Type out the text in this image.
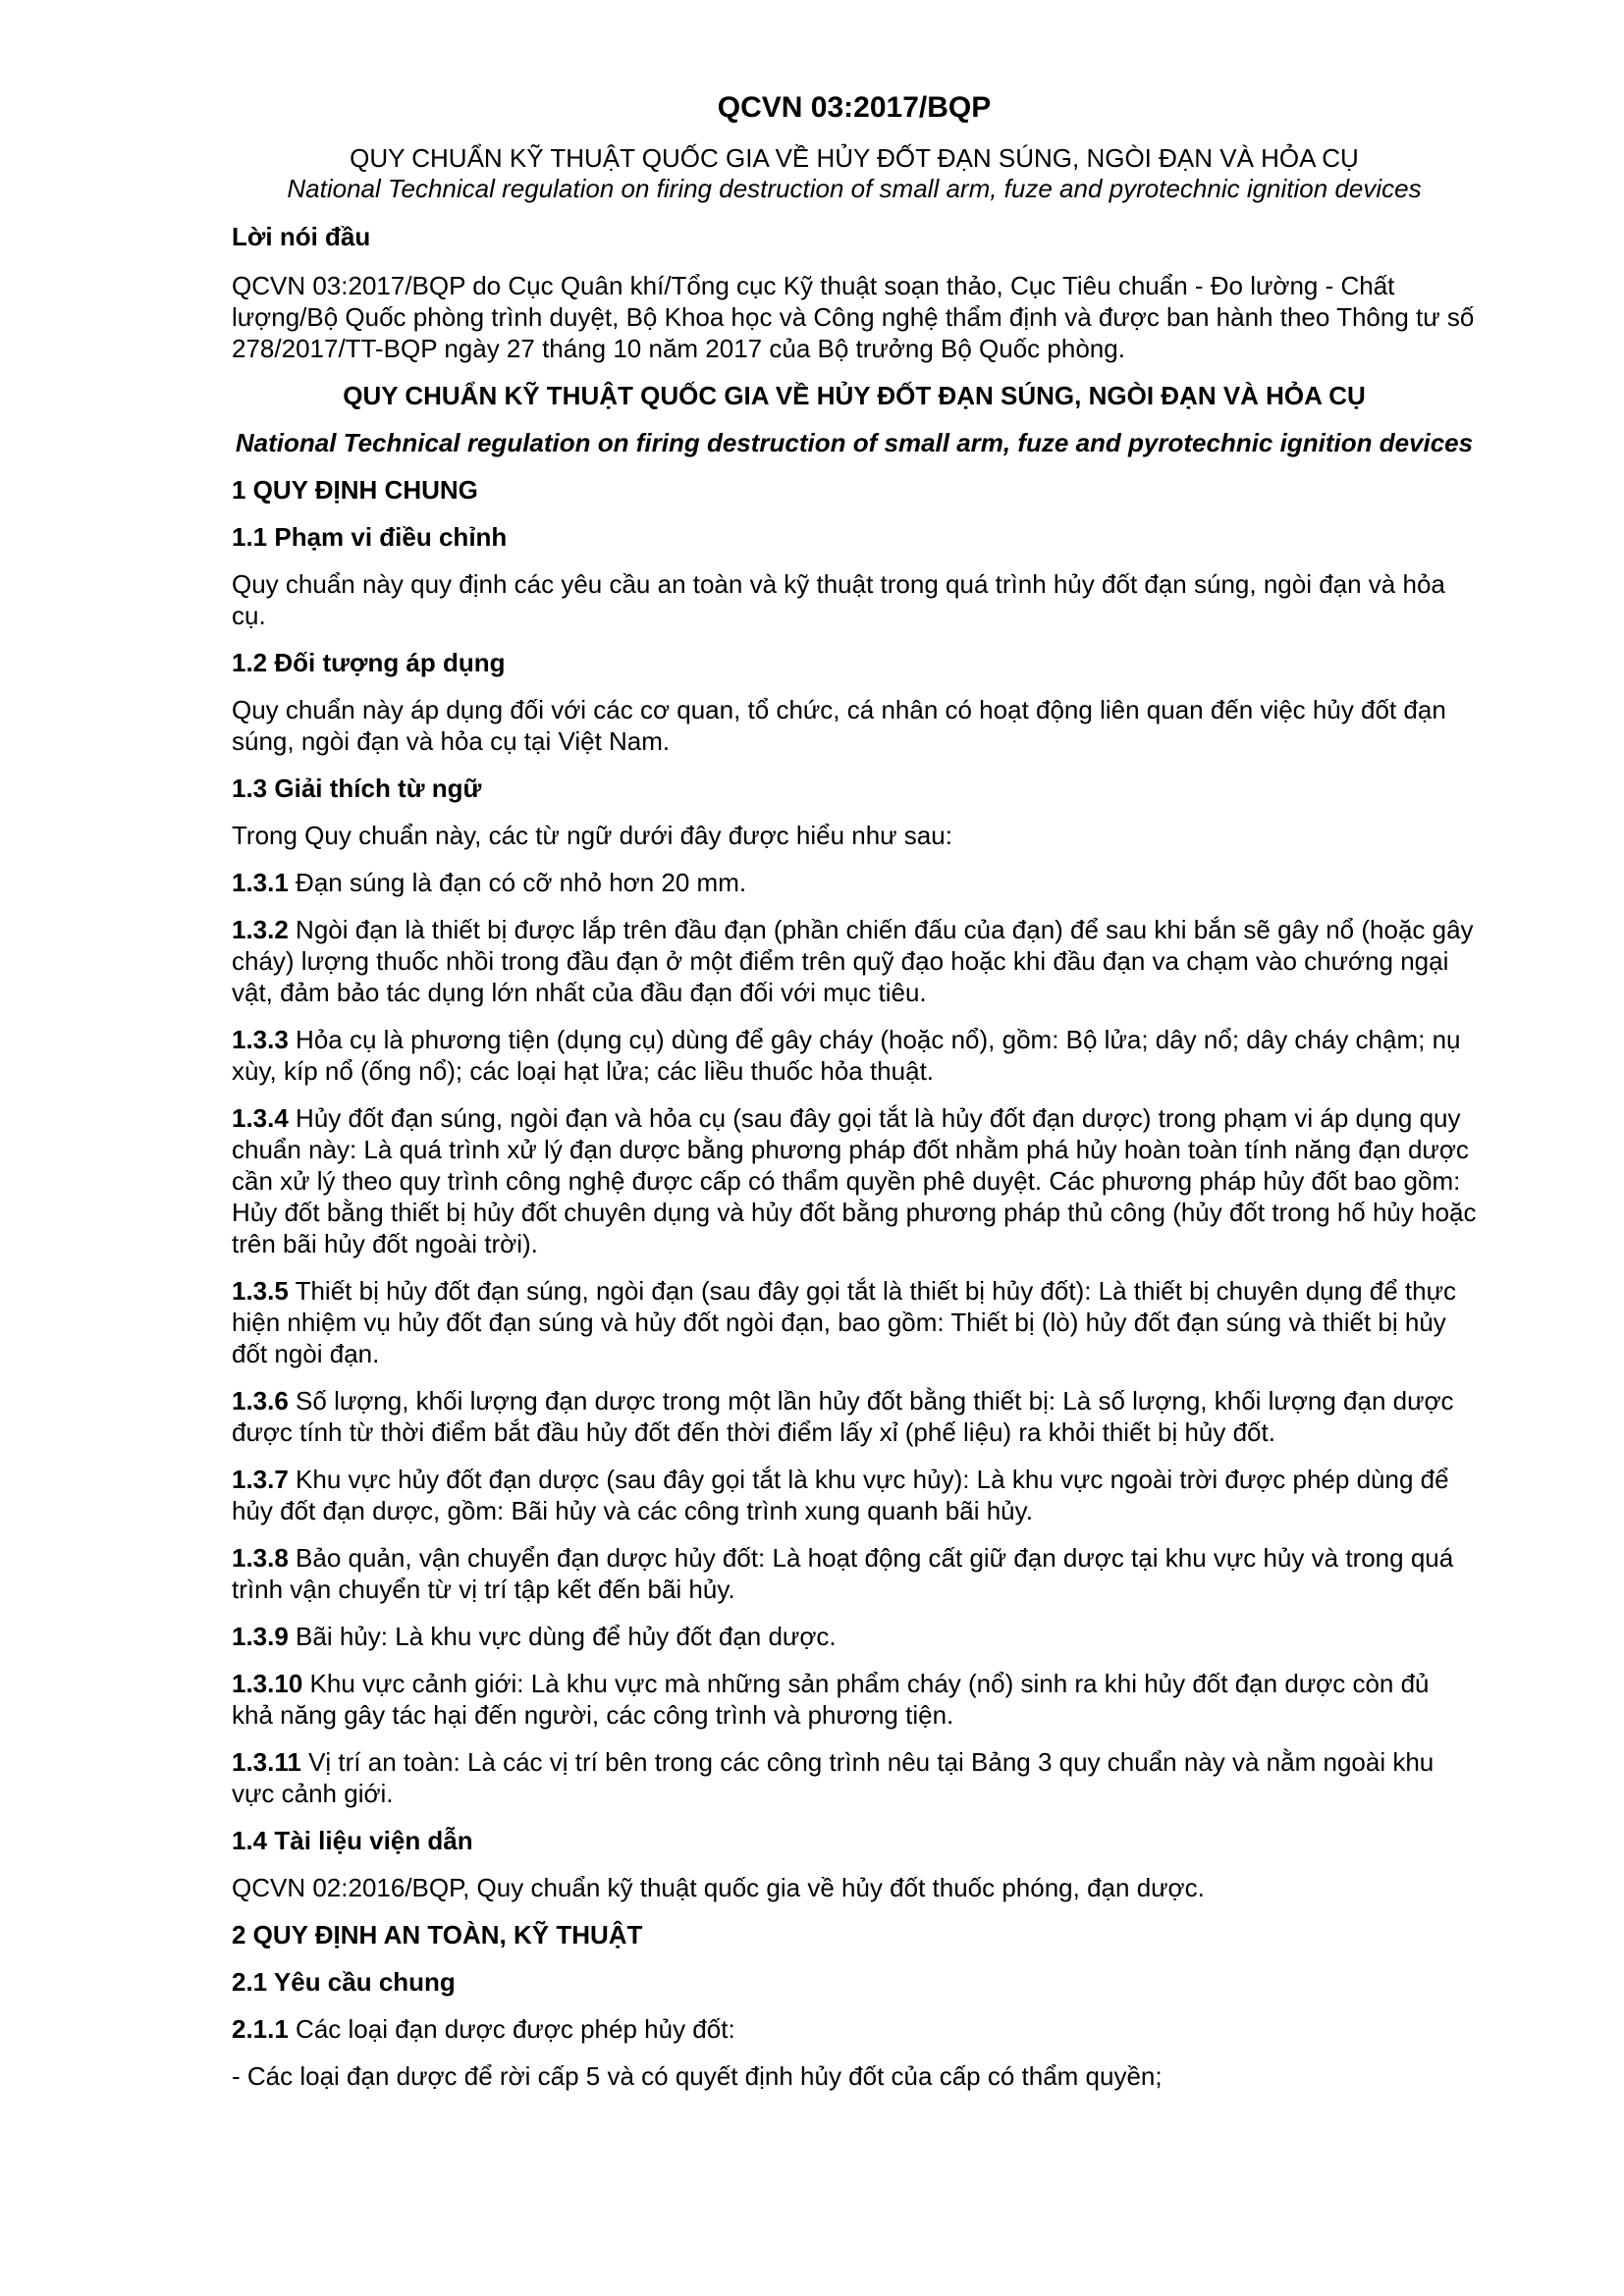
QCVN 03:2017/BQP
QUY CHUẨN KỸ THUẬT QUỐC GIA VỀ HỦY ĐỐT ĐẠN SÚNG, NGÒI ĐẠN VÀ HỎA CỤ
National Technical regulation on firing destruction of small arm, fuze and pyrotechnic ignition devices
Lời nói đầu

QCVN 03:2017/BQP do Cục Quân khí/Tổng cục Kỹ thuật soạn thảo, Cục Tiêu chuẩn - Đo lường - Chất lượng/Bộ Quốc phòng trình duyệt, Bộ Khoa học và Công nghệ thẩm định và được ban hành theo Thông tư số 278/2017/TT-BQP ngày 27 tháng 10 năm 2017 của Bộ trưởng Bộ Quốc phòng.

QUY CHUẨN KỸ THUẬT QUỐC GIA VỀ HỦY ĐỐT ĐẠN SÚNG, NGÒI ĐẠN VÀ HỎA CỤ
National Technical regulation on firing destruction of small arm, fuze and pyrotechnic ignition devices
1 QUY ĐỊNH CHUNG
1.1 Phạm vi điều chỉnh

Quy chuẩn này quy định các yêu cầu an toàn và kỹ thuật trong quá trình hủy đốt đạn súng, ngòi đạn và hỏa cụ.

1.2 Đối tượng áp dụng

Quy chuẩn này áp dụng đối với các cơ quan, tổ chức, cá nhân có hoạt động liên quan đến việc hủy đốt đạn súng, ngòi đạn và hỏa cụ tại Việt Nam.

1.3 Giải thích từ ngữ

Trong Quy chuẩn này, các từ ngữ dưới đây được hiểu như sau:

1.3.1 Đạn súng là đạn có cỡ nhỏ hơn 20 mm.

1.3.2 Ngòi đạn là thiết bị được lắp trên đầu đạn (phần chiến đấu của đạn) để sau khi bắn sẽ gây nổ (hoặc gây cháy) lượng thuốc nhồi trong đầu đạn ở một điểm trên quỹ đạo hoặc khi đầu đạn va chạm vào chướng ngại vật, đảm bảo tác dụng lớn nhất của đầu đạn đối với mục tiêu.

1.3.3 Hỏa cụ là phương tiện (dụng cụ) dùng để gây cháy (hoặc nổ), gồm: Bộ lửa; dây nổ; dây cháy chậm; nụ xùy, kíp nổ (ống nổ); các loại hạt lửa; các liều thuốc hỏa thuật.

1.3.4 Hủy đốt đạn súng, ngòi đạn và hỏa cụ (sau đây gọi tắt là hủy đốt đạn dược) trong phạm vi áp dụng quy chuẩn này: Là quá trình xử lý đạn dược bằng phương pháp đốt nhằm phá hủy hoàn toàn tính năng đạn dược cần xử lý theo quy trình công nghệ được cấp có thẩm quyền phê duyệt. Các phương pháp hủy đốt bao gồm: Hủy đốt bằng thiết bị hủy đốt chuyên dụng và hủy đốt bằng phương pháp thủ công (hủy đốt trong hố hủy hoặc trên bãi hủy đốt ngoài trời).

1.3.5 Thiết bị hủy đốt đạn súng, ngòi đạn (sau đây gọi tắt là thiết bị hủy đốt): Là thiết bị chuyên dụng để thực hiện nhiệm vụ hủy đốt đạn súng và hủy đốt ngòi đạn, bao gồm: Thiết bị (lò) hủy đốt đạn súng và thiết bị hủy đốt ngòi đạn.

1.3.6 Số lượng, khối lượng đạn dược trong một lần hủy đốt bằng thiết bị: Là số lượng, khối lượng đạn dược được tính từ thời điểm bắt đầu hủy đốt đến thời điểm lấy xỉ (phế liệu) ra khỏi thiết bị hủy đốt.

1.3.7 Khu vực hủy đốt đạn dược (sau đây gọi tắt là khu vực hủy): Là khu vực ngoài trời được phép dùng để hủy đốt đạn dược, gồm: Bãi hủy và các công trình xung quanh bãi hủy.

1.3.8 Bảo quản, vận chuyển đạn dược hủy đốt: Là hoạt động cất giữ đạn dược tại khu vực hủy và trong quá trình vận chuyển từ vị trí tập kết đến bãi hủy.

1.3.9 Bãi hủy: Là khu vực dùng để hủy đốt đạn dược.

1.3.10 Khu vực cảnh giới: Là khu vực mà những sản phẩm cháy (nổ) sinh ra khi hủy đốt đạn dược còn đủ khả năng gây tác hại đến người, các công trình và phương tiện.

1.3.11 Vị trí an toàn: Là các vị trí bên trong các công trình nêu tại Bảng 3 quy chuẩn này và nằm ngoài khu vực cảnh giới.

1.4 Tài liệu viện dẫn

QCVN 02:2016/BQP, Quy chuẩn kỹ thuật quốc gia về hủy đốt thuốc phóng, đạn dược.

2 QUY ĐỊNH AN TOÀN, KỸ THUẬT
2.1 Yêu cầu chung

2.1.1 Các loại đạn dược được phép hủy đốt:

- Các loại đạn dược để rời cấp 5 và có quyết định hủy đốt của cấp có thẩm quyền;
